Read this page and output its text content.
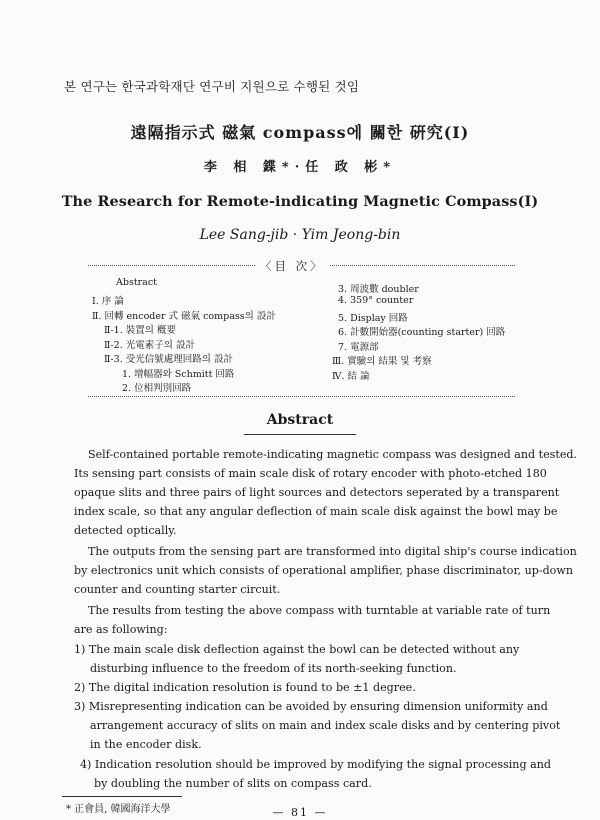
본 연구는 한국과학재단 연구비 지원으로 수행된 것임
遠隔指示式 磁氣 compass에 關한 硏究(Ⅰ)
李 相 鍱*·任 政 彬*
The Research for Remote-indicating Magnetic Compass(Ⅰ)
Lee Sang-jib · Yim Jeong-bin
〈目 次〉
Abstract
Ⅰ. 序 論
Ⅱ. 回轉 encoder 式 磁氣 compass의 設計
Ⅱ-1. 裝置의 槪要
Ⅱ-2. 光電素子의 設計
Ⅱ-3. 受光信號處理回路의 設計
1. 增幅器와 Schmitt 回路
2. 位相判別回路
3. 周波數 doubler
4. 359° counter
5. Display 回路
6. 計數開始器(counting starter) 回路
7. 電源部
Ⅲ. 實驗의 結果 및 考察
Ⅳ. 結 論
Abstract
Self-contained portable remote-indicating magnetic compass was designed and tested.
Its sensing part consists of main scale disk of rotary encoder with photo-etched 180
opaque slits and three pairs of light sources and detectors seperated by a transparent
index scale, so that any angular deflection of main scale disk against the bowl may be
detected optically.
The outputs from the sensing part are transformed into digital ship's course indication
by electronics unit which consists of operational amplifier, phase discriminator, up-down
counter and counting starter circuit.
The results from testing the above compass with turntable at variable rate of turn
are as following:
1) The main scale disk deflection against the bowl can be detected without any
disturbing influence to the freedom of its north-seeking function.
2) The digital indication resolution is found to be ±1 degree.
3) Misrepresenting indication can be avoided by ensuring dimension uniformity and
arrangement accuracy of slits on main and index scale disks and by centering pivot
in the encoder disk.
4) Indication resolution should be improved by modifying the signal processing and
by doubling the number of slits on compass card.
* 正會員, 韓國海洋大學	— 81 —
